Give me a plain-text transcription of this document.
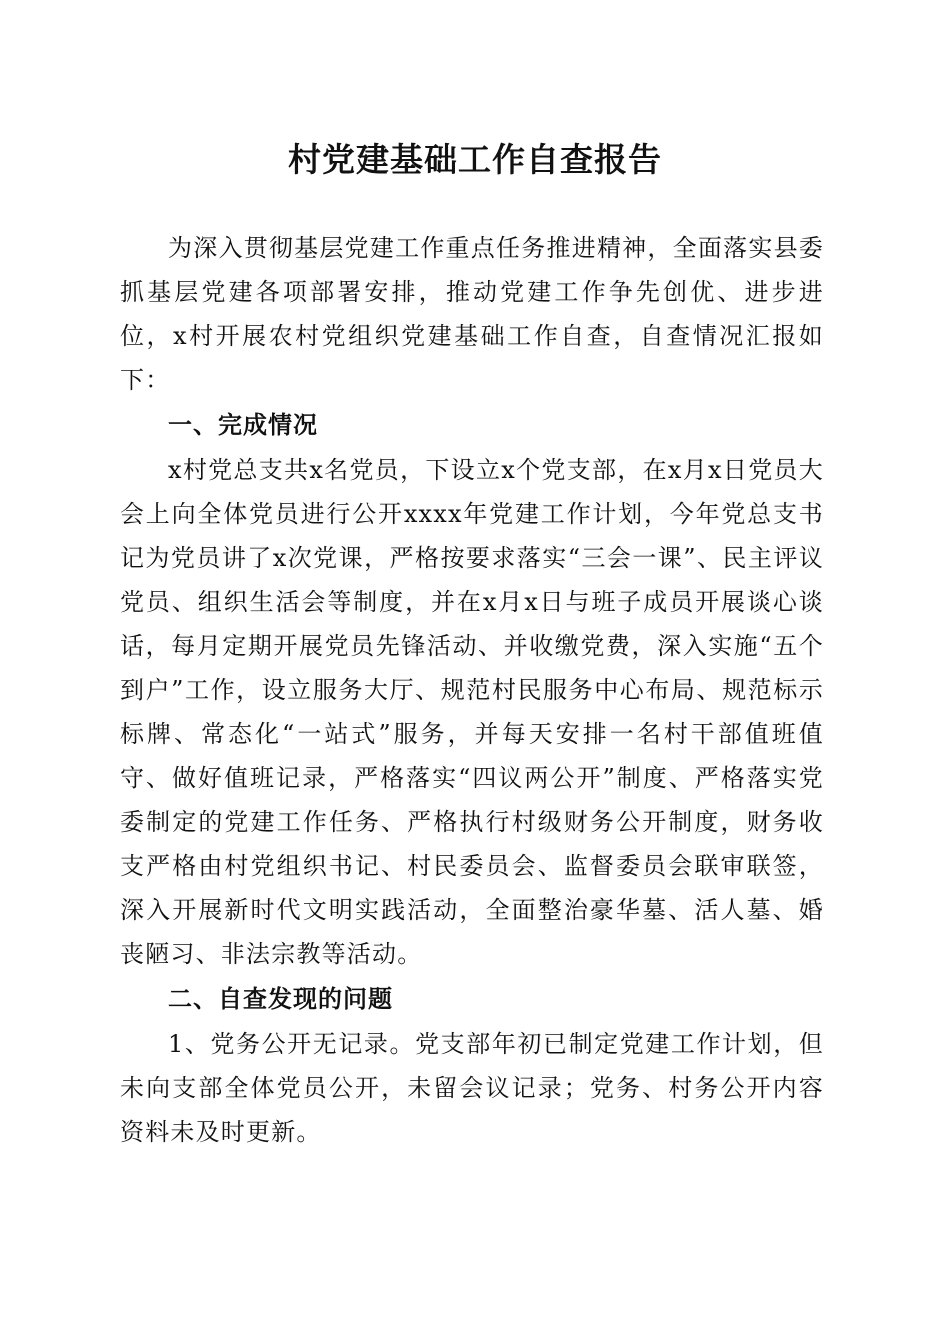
村党建基础工作自查报告

为深入贯彻基层党建工作重点任务推进精神，全面落实县委抓基层党建各项部署安排，推动党建工作争先创优、进步进位，x村开展农村党组织党建基础工作自查，自查情况汇报如下：

一、完成情况

x村党总支共x名党员，下设立x个党支部，在x月x日党员大会上向全体党员进行公开xxxx年党建工作计划，今年党总支书记为党员讲了x次党课，严格按要求落实“三会一课”、民主评议党员、组织生活会等制度，并在x月x日与班子成员开展谈心谈话，每月定期开展党员先锋活动、并收缴党费，深入实施“五个到户”工作，设立服务大厅、规范村民服务中心布局、规范标示标牌、常态化“一站式”服务，并每天安排一名村干部值班值守、做好值班记录，严格落实“四议两公开”制度、严格落实党委制定的党建工作任务、严格执行村级财务公开制度，财务收支严格由村党组织书记、村民委员会、监督委员会联审联签，深入开展新时代文明实践活动，全面整治豪华墓、活人墓、婚丧陋习、非法宗教等活动。

二、自查发现的问题

1、党务公开无记录。党支部年初已制定党建工作计划，但未向支部全体党员公开，未留会议记录；党务、村务公开内容资料未及时更新。
